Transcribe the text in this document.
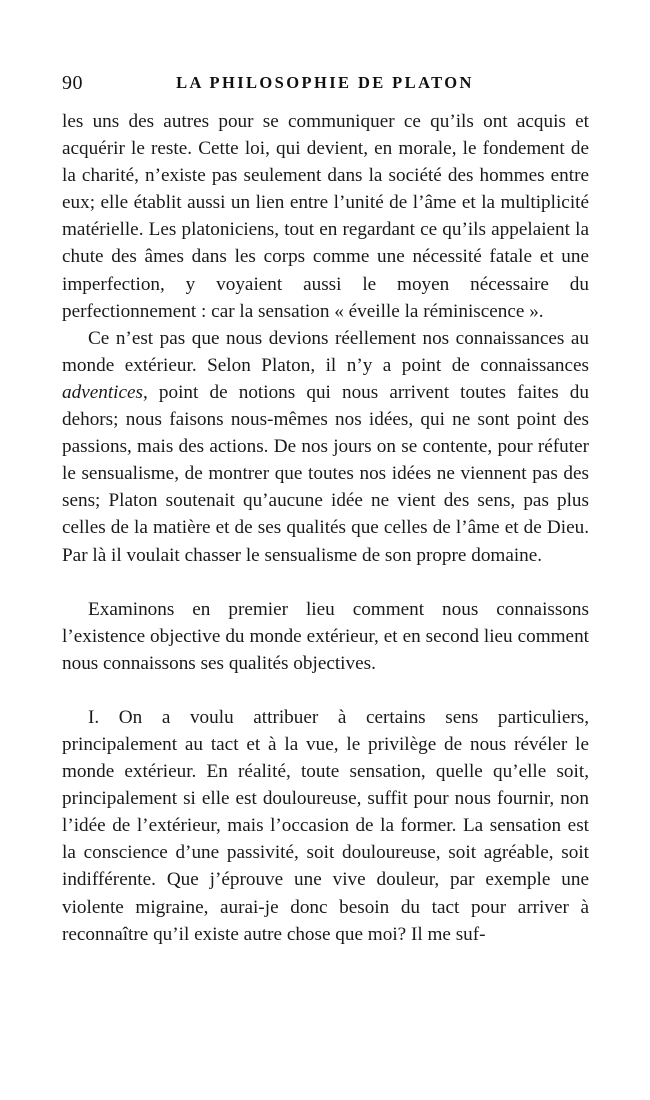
90	LA PHILOSOPHIE DE PLATON

les uns des autres pour se communiquer ce qu’ils ont acquis et acquérir le reste. Cette loi, qui devient, en morale, le fondement de la charité, n’existe pas seulement dans la société des hommes entre eux; elle établit aussi un lien entre l’unité de l’âme et la multiplicité matérielle. Les platoniciens, tout en regardant ce qu’ils appelaient la chute des âmes dans les corps comme une nécessité fatale et une imperfection, y voyaient aussi le moyen nécessaire du perfectionnement : car la sensation « éveille la réminiscence ».

Ce n’est pas que nous devions réellement nos connaissances au monde extérieur. Selon Platon, il n’y a point de connaissances adventices, point de notions qui nous arrivent toutes faites du dehors; nous faisons nous-mêmes nos idées, qui ne sont point des passions, mais des actions. De nos jours on se contente, pour réfuter le sensualisme, de montrer que toutes nos idées ne viennent pas des sens; Platon soutenait qu’aucune idée ne vient des sens, pas plus celles de la matière et de ses qualités que celles de l’âme et de Dieu. Par là il voulait chasser le sensualisme de son propre domaine.

Examinons en premier lieu comment nous connaissons l’existence objective du monde extérieur, et en second lieu comment nous connaissons ses qualités objectives.

I. On a voulu attribuer à certains sens particuliers, principalement au tact et à la vue, le privilège de nous révéler le monde extérieur. En réalité, toute sensation, quelle qu’elle soit, principalement si elle est douloureuse, suffit pour nous fournir, non l’idée de l’extérieur, mais l’occasion de la former. La sensation est la conscience d’une passivité, soit douloureuse, soit agréable, soit indifférente. Que j’éprouve une vive douleur, par exemple une violente migraine, aurai-je donc besoin du tact pour arriver à reconnaître qu’il existe autre chose que moi? Il me suf-
